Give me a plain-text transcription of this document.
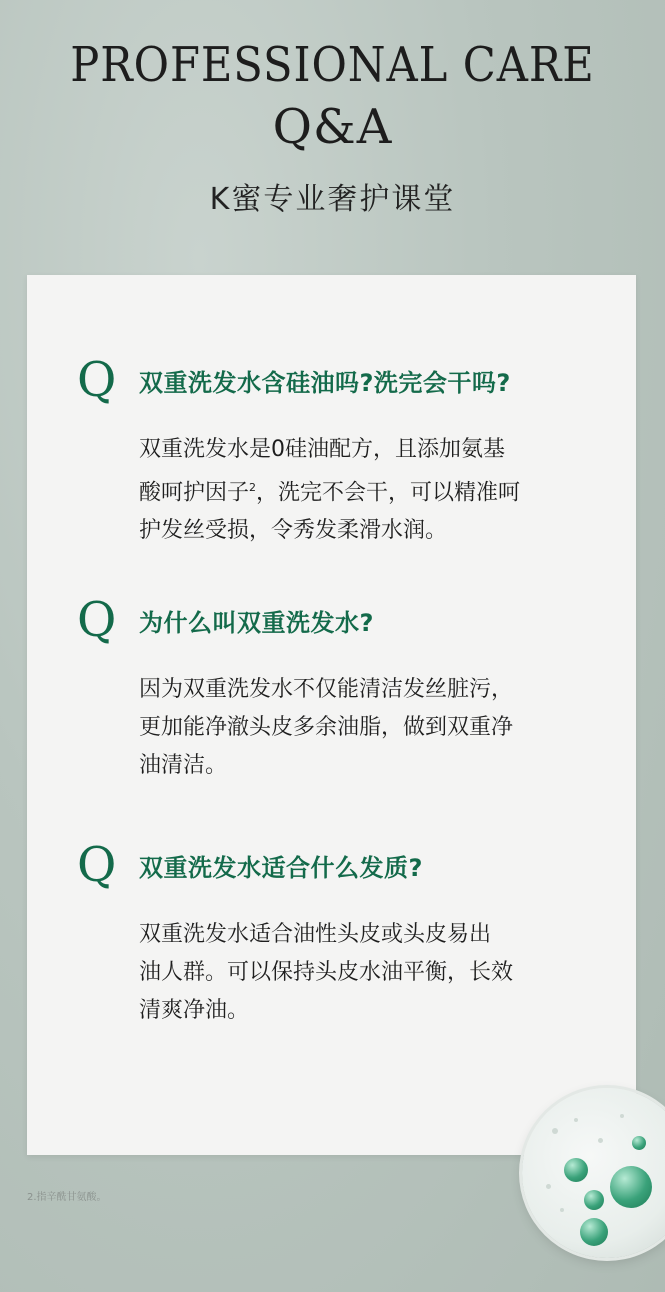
PROFESSIONAL CARE
Q&A
K蜜专业奢护课堂
Q 双重洗发水含硅油吗?洗完会干吗?
双重洗发水是0硅油配方，且添加氨基
酸呵护因子$^2$，洗完不会干，可以精准呵
护发丝受损，令秀发柔滑水润。
Q 为什么叫双重洗发水?
因为双重洗发水不仅能清洁发丝脏污，
更加能净澈头皮多余油脂，做到双重净
油清洁。
Q 双重洗发水适合什么发质?
双重洗发水适合油性头皮或头皮易出
油人群。可以保持头皮水油平衡，长效
清爽净油。
2.指辛酰甘氨酸。
